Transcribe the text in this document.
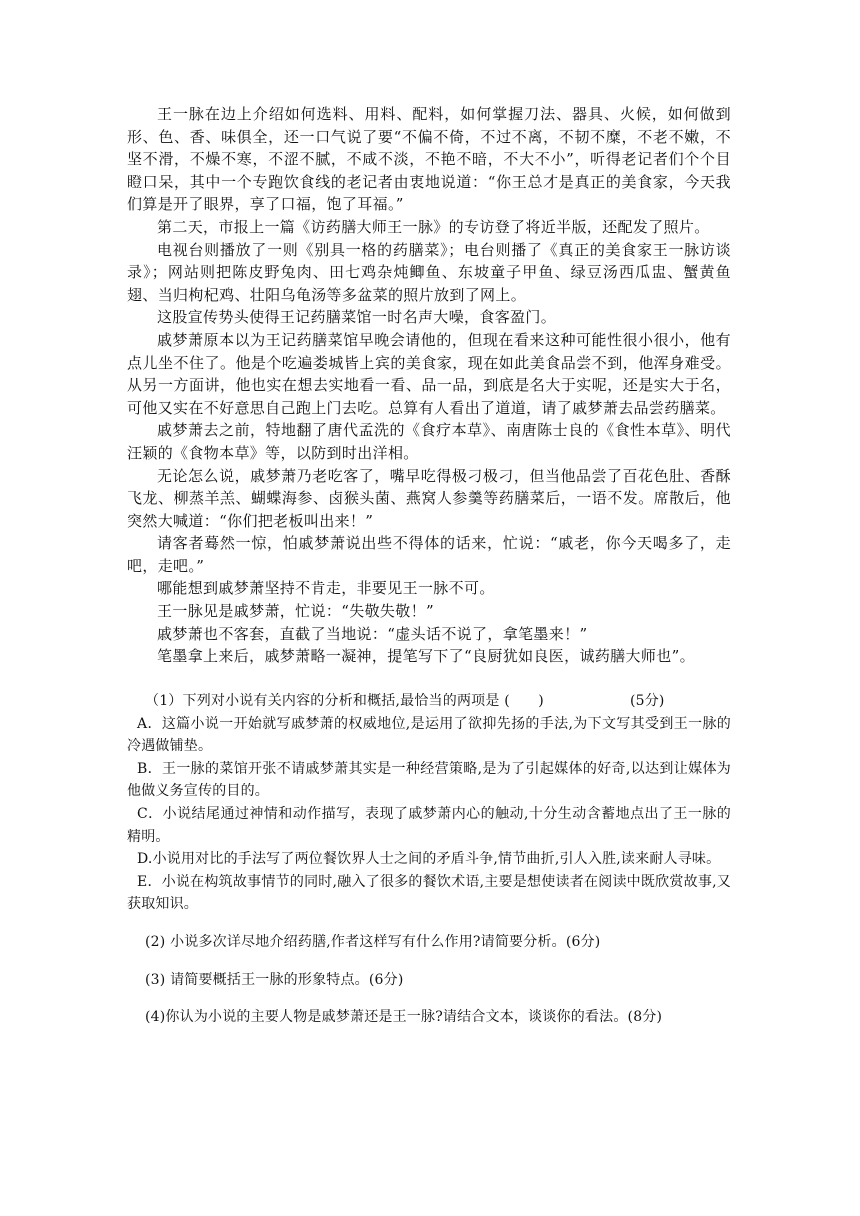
王一脉在边上介绍如何选料、用料、配料，如何掌握刀法、器具、火候，如何做到形、色、香、味俱全，还一口气说了要“不偏不倚，不过不离，不韧不糜，不老不嫩，不坚不滑，不燥不寒，不涩不腻，不咸不淡，不艳不暗，不大不小”，听得老记者们个个目瞪口呆，其中一个专跑饮食线的老记者由衷地说道：“你王总才是真正的美食家，今天我们算是开了眼界，享了口福，饱了耳福。”

第二天，市报上一篇《访药膳大师王一脉》的专访登了将近半版，还配发了照片。

电视台则播放了一则《别具一格的药膳菜》；电台则播了《真正的美食家王一脉访谈录》；网站则把陈皮野兔肉、田七鸡杂炖鲫鱼、东坡童子甲鱼、绿豆汤西瓜盅、蟹黄鱼翅、当归枸杞鸡、壮阳乌龟汤等多盆菜的照片放到了网上。

这股宣传势头使得王记药膳菜馆一时名声大噪，食客盈门。

戚梦萧原本以为王记药膳菜馆早晚会请他的，但现在看来这种可能性很小很小，他有点儿坐不住了。他是个吃遍娄城皆上宾的美食家，现在如此美食品尝不到，他浑身难受。从另一方面讲，他也实在想去实地看一看、品一品，到底是名大于实呢，还是实大于名，可他又实在不好意思自己跑上门去吃。总算有人看出了道道，请了戚梦萧去品尝药膳菜。

戚梦萧去之前，特地翻了唐代孟洗的《食疗本草》、南唐陈士良的《食性本草》、明代汪颖的《食物本草》等，以防到时出洋相。

无论怎么说，戚梦萧乃老吃客了，嘴早吃得极刁极刁，但当他品尝了百花色肚、香酥飞龙、柳蒸羊羔、蝴蝶海参、卤猴头菌、燕窝人参羹等药膳菜后，一语不发。席散后，他突然大喊道：“你们把老板叫出来！”

请客者蓦然一惊，怕戚梦萧说出些不得体的话来，忙说：“戚老，你今天喝多了，走吧，走吧。”

哪能想到戚梦萧坚持不肯走，非要见王一脉不可。

王一脉见是戚梦萧，忙说：“失敬失敬！”

戚梦萧也不客套，直截了当地说：“虚头话不说了，拿笔墨来！”

笔墨拿上来后，戚梦萧略一凝神，提笔写下了“良厨犹如良医，诚药膳大师也”。

（1）下列对小说有关内容的分析和概括,最恰当的两项是 (　　)	(5分)

A．这篇小说一开始就写戚梦萧的权威地位,是运用了欲抑先扬的手法,为下文写其受到王一脉的冷遇做铺垫。

B．王一脉的菜馆开张不请戚梦萧其实是一种经营策略,是为了引起媒体的好奇,以达到让媒体为他做义务宣传的目的。

C．小说结尾通过神情和动作描写，表现了戚梦萧内心的触动,十分生动含蓄地点出了王一脉的精明。

D.小说用对比的手法写了两位餐饮界人士之间的矛盾斗争,情节曲折,引人入胜,读来耐人寻味。

E．小说在构筑故事情节的同时,融入了很多的餐饮术语,主要是想使读者在阅读中既欣赏故事,又获取知识。

(2) 小说多次详尽地介绍药膳,作者这样写有什么作用?请简要分析。(6分)

(3) 请简要概括王一脉的形象特点。(6分)

(4)你认为小说的主要人物是戚梦萧还是王一脉?请结合文本，谈谈你的看法。(8分)
